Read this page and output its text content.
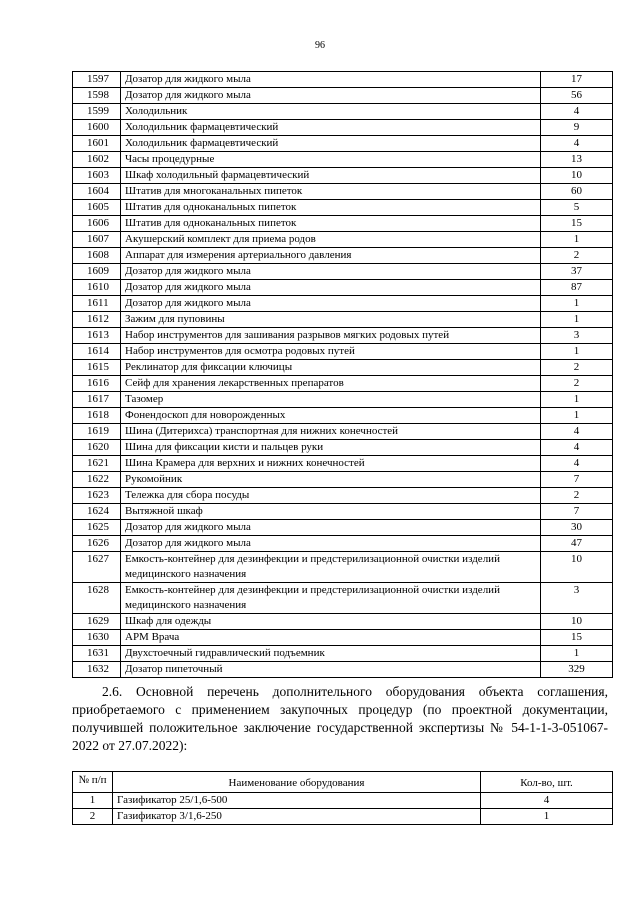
96
1597	Дозатор для жидкого мыла	17
1598	Дозатор для жидкого мыла	56
1599	Холодильник	4
1600	Холодильник фармацевтический	9
1601	Холодильник фармацевтический	4
1602	Часы процедурные	13
1603	Шкаф холодильный фармацевтический	10
1604	Штатив для многоканальных пипеток	60
1605	Штатив для одноканальных пипеток	5
1606	Штатив для одноканальных пипеток	15
1607	Акушерский комплект для приема родов	1
1608	Аппарат для измерения артериального давления	2
1609	Дозатор для жидкого мыла	37
1610	Дозатор для жидкого мыла	87
1611	Дозатор для жидкого мыла	1
1612	Зажим для пуповины	1
1613	Набор инструментов для зашивания разрывов мягких родовых путей	3
1614	Набор инструментов для осмотра родовых путей	1
1615	Реклинатор для фиксации ключицы	2
1616	Сейф для хранения лекарственных препаратов	2
1617	Тазомер	1
1618	Фонендоскоп для новорожденных	1
1619	Шина (Дитерихса) транспортная для нижних конечностей	4
1620	Шина для фиксации кисти и пальцев руки	4
1621	Шина Крамера для верхних и нижних конечностей	4
1622	Рукомойник	7
1623	Тележка для сбора посуды	2
1624	Вытяжной шкаф	7
1625	Дозатор для жидкого мыла	30
1626	Дозатор для жидкого мыла	47
1627	Емкость-контейнер для дезинфекции и предстерилизационной очистки изделий медицинского назначения	10
1628	Емкость-контейнер для дезинфекции и предстерилизационной очистки изделий медицинского назначения	3
1629	Шкаф для одежды	10
1630	АРМ Врача	15
1631	Двухстоечный гидравлический подъемник	1
1632	Дозатор пипеточный	329
2.6. Основной перечень дополнительного оборудования объекта соглашения, приобретаемого с применением закупочных процедур (по проектной документации, получившей положительное заключение государственной экспертизы № 54-1-1-3-051067-2022 от 27.07.2022):
№ п/п	Наименование оборудования	Кол-во, шт.
1	Газификатор 25/1,6-500	4
2	Газификатор 3/1,6-250	1
